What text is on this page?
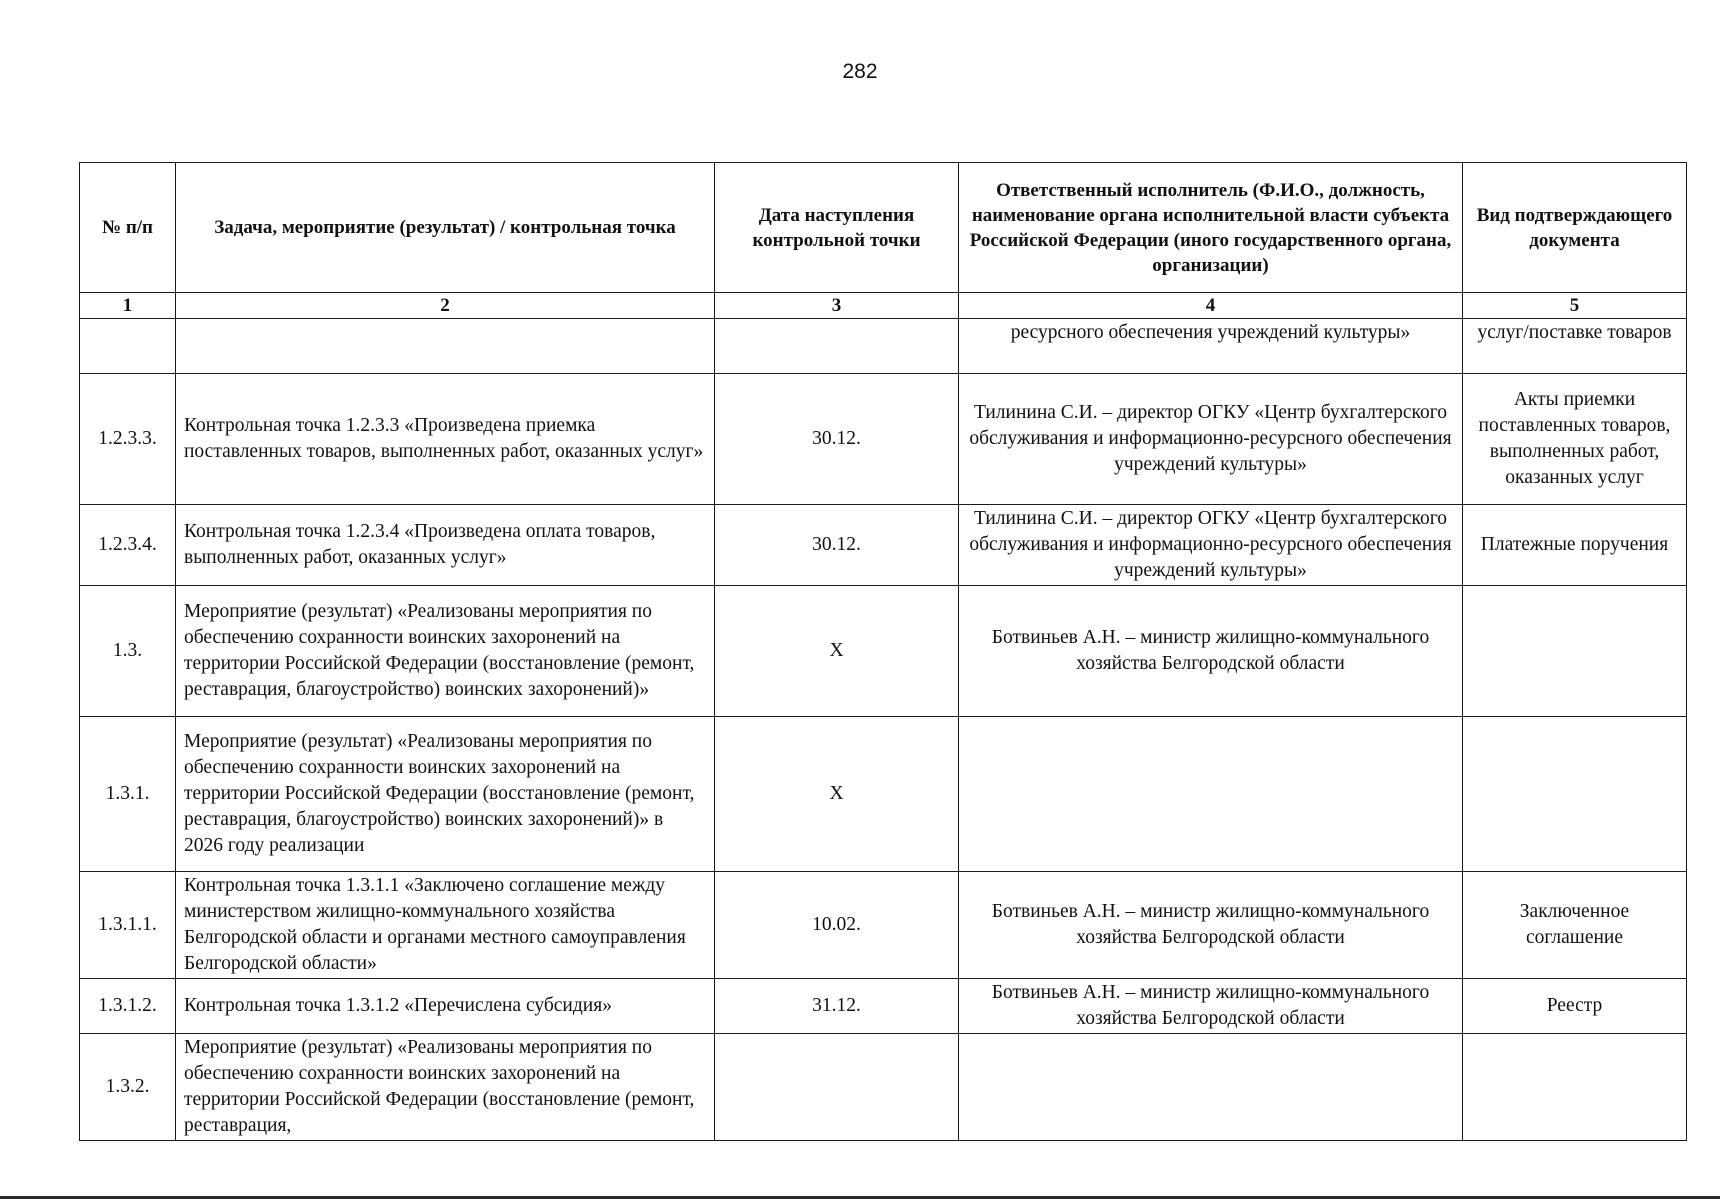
282
№ п/п	Задача, мероприятие (результат) / контрольная точка	Дата наступления контрольной точки	Ответственный исполнитель (Ф.И.О., должность, наименование органа исполнительной власти субъекта Российской Федерации (иного государственного органа, организации)	Вид подтверждающего документа
1	2	3	4	5
			ресурсного обеспечения учреждений культуры»	услуг/поставке товаров
1.2.3.3.	Контрольная точка 1.2.3.3 «Произведена приемка поставленных товаров, выполненных работ, оказанных услуг»	30.12.	Тилинина С.И. – директор ОГКУ «Центр бухгалтерского обслуживания и информационно-ресурсного обеспечения учреждений культуры»	Акты приемки поставленных товаров, выполненных работ, оказанных услуг
1.2.3.4.	Контрольная точка 1.2.3.4 «Произведена оплата товаров, выполненных работ, оказанных услуг»	30.12.	Тилинина С.И. – директор ОГКУ «Центр бухгалтерского обслуживания и информационно-ресурсного обеспечения учреждений культуры»	Платежные поручения
1.3.	Мероприятие (результат) «Реализованы мероприятия по обеспечению сохранности воинских захоронений на территории Российской Федерации (восстановление (ремонт, реставрация, благоустройство) воинских захоронений)»	Х	Ботвиньев А.Н. – министр жилищно-коммунального хозяйства Белгородской области	
1.3.1.	Мероприятие (результат) «Реализованы мероприятия по обеспечению сохранности воинских захоронений на территории Российской Федерации (восстановление (ремонт, реставрация, благоустройство) воинских захоронений)» в 2026 году реализации	Х		
1.3.1.1.	Контрольная точка 1.3.1.1 «Заключено соглашение между министерством жилищно-коммунального хозяйства Белгородской области и органами местного самоуправления Белгородской области»	10.02.	Ботвиньев А.Н. – министр жилищно-коммунального хозяйства Белгородской области	Заключенное соглашение
1.3.1.2.	Контрольная точка 1.3.1.2 «Перечислена субсидия»	31.12.	Ботвиньев А.Н. – министр жилищно-коммунального хозяйства Белгородской области	Реестр
1.3.2.	Мероприятие (результат) «Реализованы мероприятия по обеспечению сохранности воинских захоронений на территории Российской Федерации (восстановление (ремонт, реставрация,			
